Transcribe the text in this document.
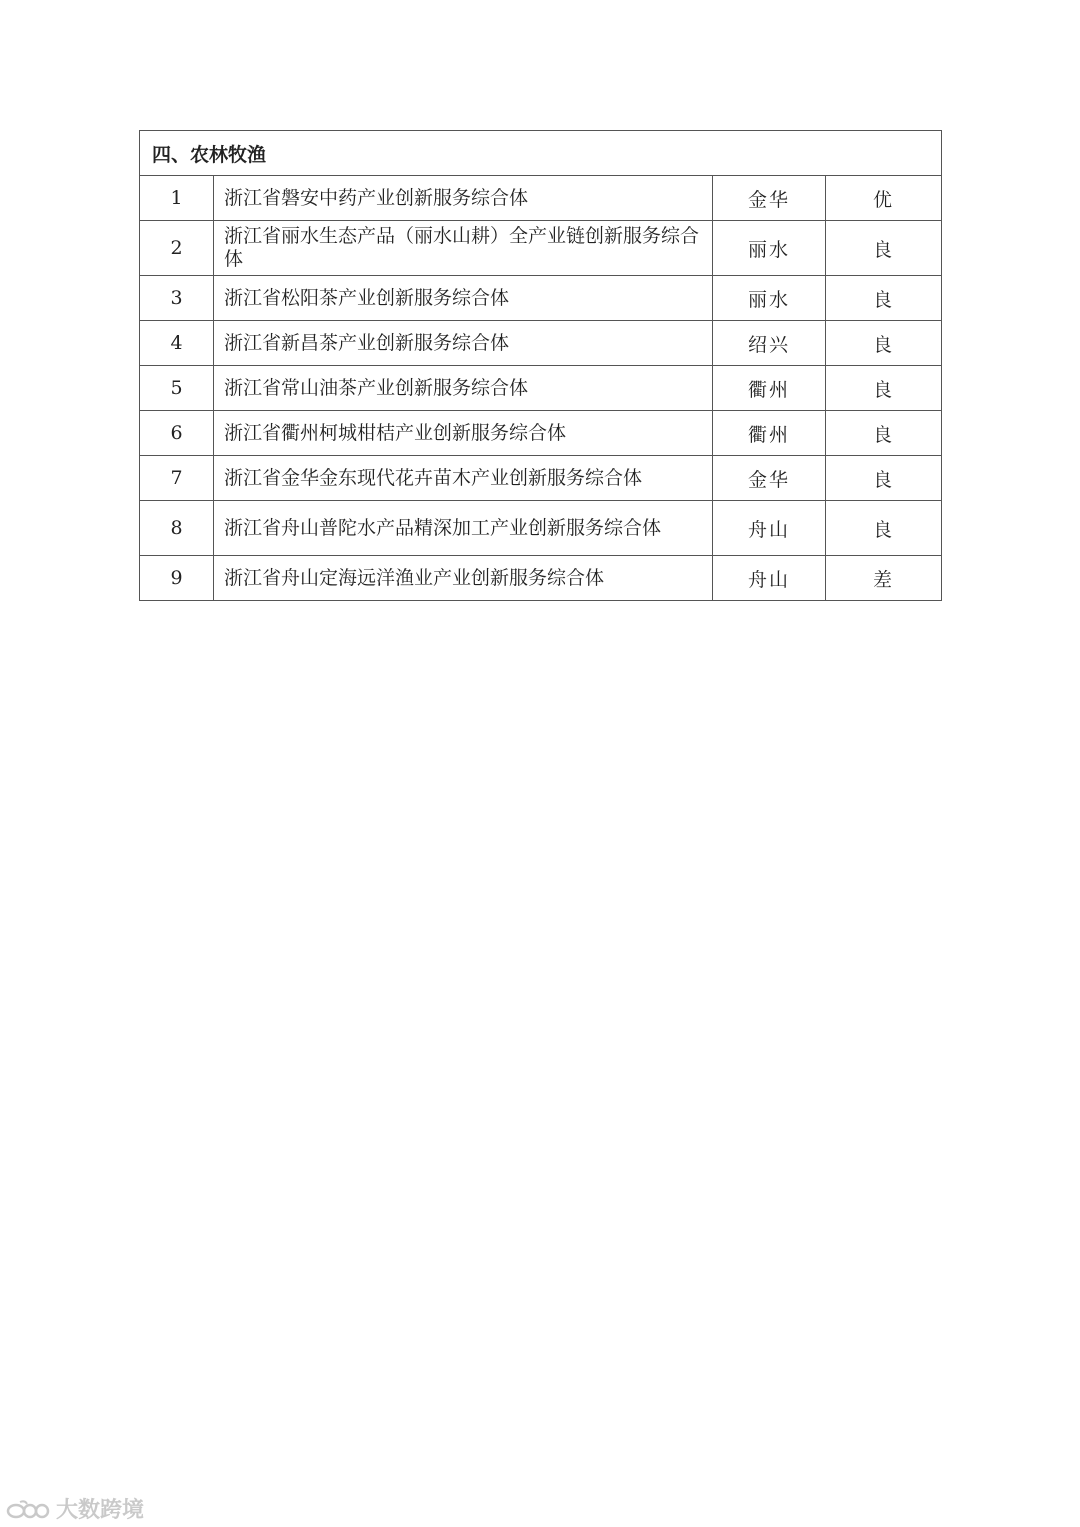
四、农林牧渔			
1	浙江省磐安中药产业创新服务综合体	金华	优
2	浙江省丽水生态产品（丽水山耕）全产业链创新服务综合体	丽水	良
3	浙江省松阳茶产业创新服务综合体	丽水	良
4	浙江省新昌茶产业创新服务综合体	绍兴	良
5	浙江省常山油茶产业创新服务综合体	衢州	良
6	浙江省衢州柯城柑桔产业创新服务综合体	衢州	良
7	浙江省金华金东现代花卉苗木产业创新服务综合体	金华	良
8	浙江省舟山普陀水产品精深加工产业创新服务综合体	舟山	良
9	浙江省舟山定海远洋渔业产业创新服务综合体	舟山	差
大数跨境
